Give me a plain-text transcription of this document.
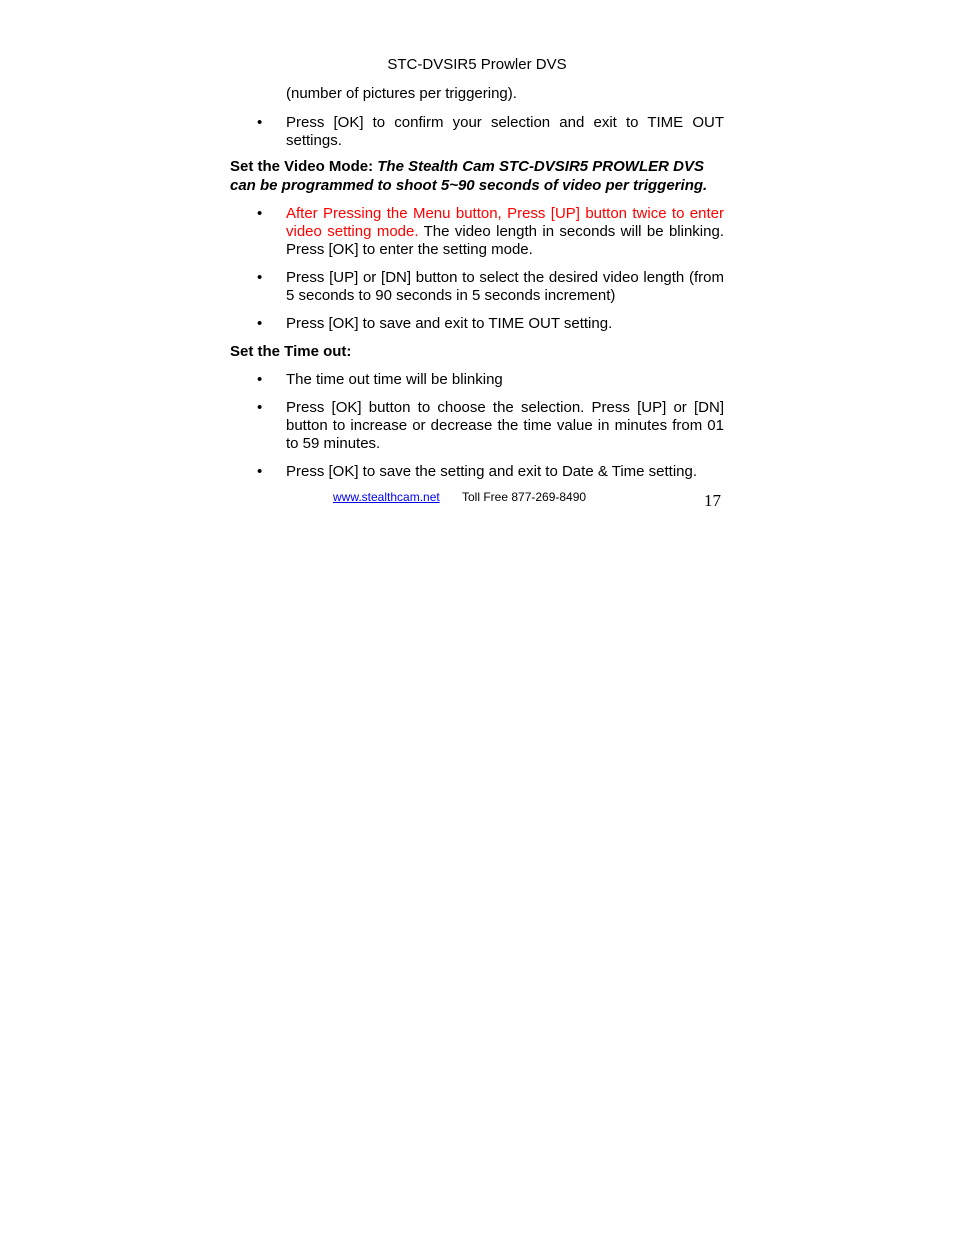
STC-DVSIR5 Prowler DVS
(number of pictures per triggering).
•	Press [OK] to confirm your selection and exit to TIME OUT settings.
Set the Video Mode: The Stealth Cam STC-DVSIR5 PROWLER DVS can be programmed to shoot 5~90 seconds of video per triggering.
•	After Pressing the Menu button, Press [UP] button twice to enter video setting mode. The video length in seconds will be blinking. Press [OK] to enter the setting mode.
•	Press [UP] or [DN] button to select the desired video length (from 5 seconds to 90 seconds in 5 seconds increment)
•	Press [OK] to save and exit to TIME OUT setting.
Set the Time out:
•	The time out time will be blinking
•	Press [OK] button to choose the selection. Press [UP] or [DN] button to increase or decrease the time value in minutes from 01 to 59 minutes.
•	Press [OK] to save the setting and exit to Date & Time setting.
www.stealthcam.net Toll Free 877-269-8490	17
